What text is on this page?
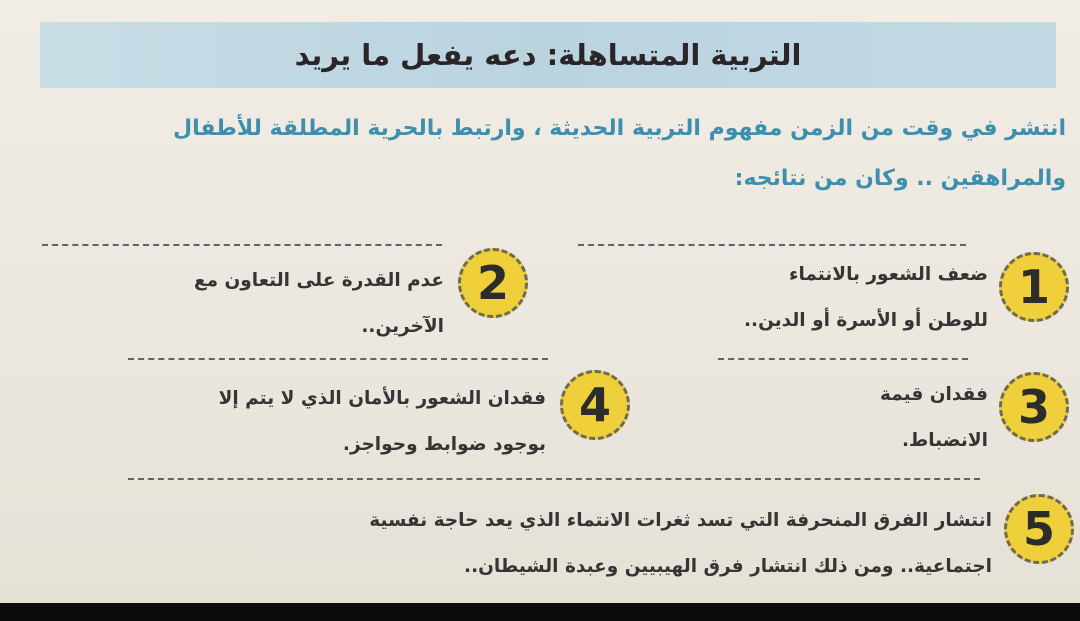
التربية المتساهلة: دعه يفعل ما يريد
انتشر في وقت من الزمن مفهوم التربية الحديثة ، وارتبط بالحرية المطلقة للأطفال
والمراهقين .. وكان من نتائجه:
1
ضعف الشعور بالانتماء
للوطن أو الأسرة أو الدين..
2
عدم القدرة على التعاون مع
الآخرين..
3
فقدان قيمة
الانضباط.
4
فقدان الشعور بالأمان الذي لا يتم إلا
بوجود ضوابط وحواجز.
5
انتشار الفرق المنحرفة التي تسد ثغرات الانتماء الذي يعد حاجة نفسية
اجتماعية.. ومن ذلك انتشار فرق الهيبيين وعبدة الشيطان..
